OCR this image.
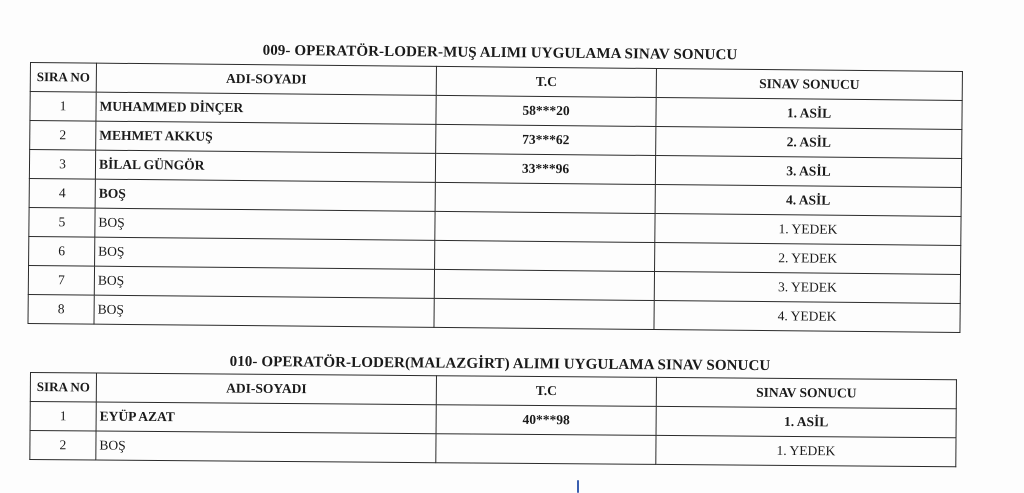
009- OPERATÖR-LODER-MUŞ ALIMI UYGULAMA SINAV SONUCU
SIRA NO	ADI-SOYADI	T.C	SINAV SONUCU
1	MUHAMMED DİNÇER	58***20	1. ASİL
2	MEHMET AKKUŞ	73***62	2. ASİL
3	BİLAL GÜNGÖR	33***96	3. ASİL
4	BOŞ		4. ASİL
5	BOŞ		1. YEDEK
6	BOŞ		2. YEDEK
7	BOŞ		3. YEDEK
8	BOŞ		4. YEDEK
010- OPERATÖR-LODER(MALAZGİRT) ALIMI UYGULAMA SINAV SONUCU
SIRA NO	ADI-SOYADI	T.C	SINAV SONUCU
1	EYÜP AZAT	40***98	1. ASİL
2	BOŞ		1. YEDEK
